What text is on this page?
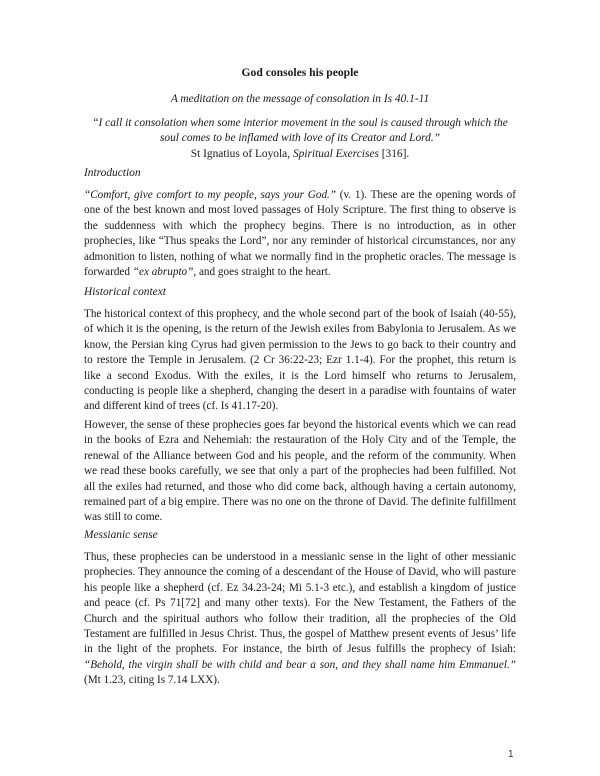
God consoles his people
A meditation on the message of consolation in Is 40.1-11
“I call it consolation when some interior movement in the soul is caused through which the soul comes to be inflamed with love of its Creator and Lord.”
St Ignatius of Loyola, Spiritual Exercises [316].
Introduction
“Comfort, give comfort to my people, says your God.” (v. 1). These are the opening words of one of the best known and most loved passages of Holy Scripture. The first thing to observe is the suddenness with which the prophecy begins. There is no introduction, as in other prophecies, like “Thus speaks the Lord”, nor any reminder of historical circumstances, nor any admonition to listen, nothing of what we normally find in the prophetic oracles. The message is forwarded “ex abrupto”, and goes straight to the heart.
Historical context
The historical context of this prophecy, and the whole second part of the book of Isaiah (40-55), of which it is the opening, is the return of the Jewish exiles from Babylonia to Jerusalem. As we know, the Persian king Cyrus had given permission to the Jews to go back to their country and to restore the Temple in Jerusalem. (2 Cr 36:22-23; Ezr 1.1-4). For the prophet, this return is like a second Exodus. With the exiles, it is the Lord himself who returns to Jerusalem, conducting is people like a shepherd, changing the desert in a paradise with fountains of water and different kind of trees (cf. Is 41.17-20).
However, the sense of these prophecies goes far beyond the historical events which we can read in the books of Ezra and Nehemiah: the restauration of the Holy City and of the Temple, the renewal of the Alliance between God and his people, and the reform of the community. When we read these books carefully, we see that only a part of the prophecies had been fulfilled. Not all the exiles had returned, and those who did come back, although having a certain autonomy, remained part of a big empire. There was no one on the throne of David. The definite fulfillment was still to come.
Messianic sense
Thus, these prophecies can be understood in a messianic sense in the light of other messianic prophecies. They announce the coming of a descendant of the House of David, who will pasture his people like a shepherd (cf. Ez 34.23-24; Mi 5.1-3 etc.), and establish a kingdom of justice and peace (cf. Ps 71[72] and many other texts). For the New Testament, the Fathers of the Church and the spiritual authors who follow their tradition, all the prophecies of the Old Testament are fulfilled in Jesus Christ. Thus, the gospel of Matthew present events of Jesus’ life in the light of the prophets. For instance, the birth of Jesus fulfills the prophecy of Isiah: “Behold, the virgin shall be with child and bear a son, and they shall name him Emmanuel.” (Mt 1.23, citing Is 7.14 LXX).
1
